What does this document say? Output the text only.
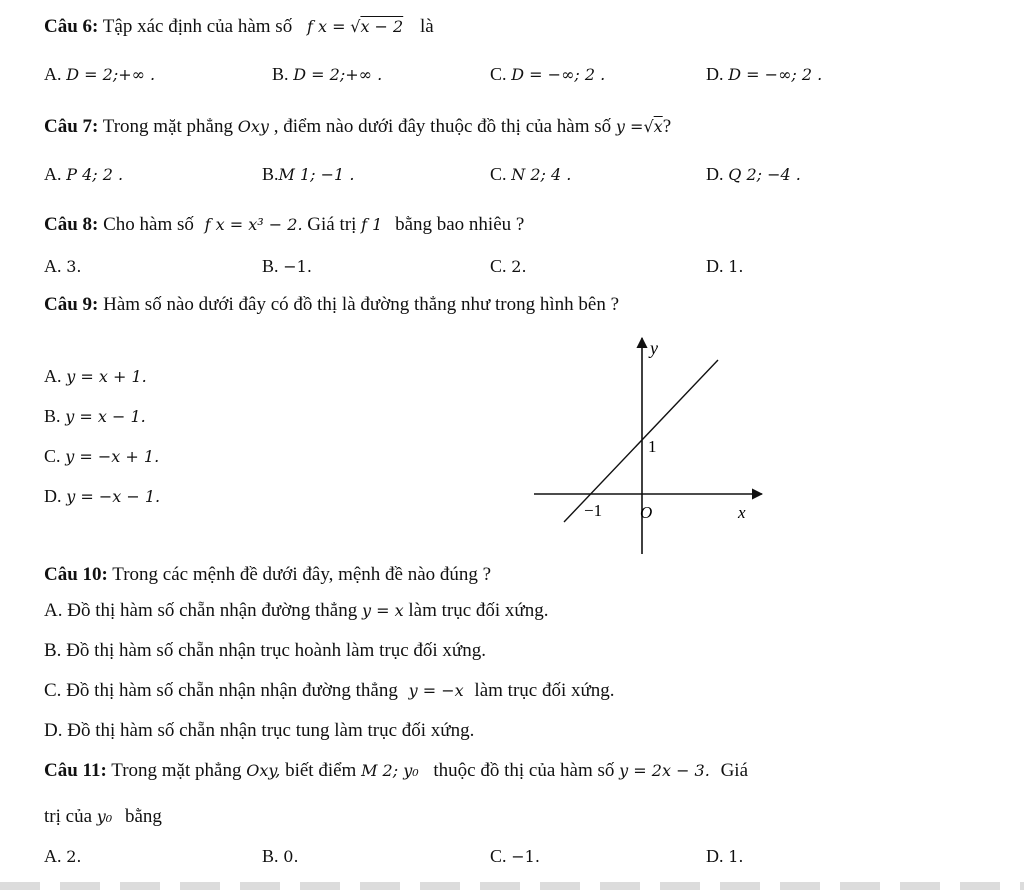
Câu 6: Tập xác định của hàm số f x = √x − 2 là
A. D = 2;+∞ .	B. D = 2;+∞ .	C. D = −∞; 2 .	D. D = −∞; 2 .
Câu 7: Trong mặt phẳng Oxy , điểm nào dưới đây thuộc đồ thị của hàm số y =√x?
A. P 4; 2 .	B.M 1; −1 .	C. N 2; 4 .	D. Q 2; −4 .
Câu 8: Cho hàm số f x = x³ − 2. Giá trị f 1 bằng bao nhiêu ?
A. 3.	B. −1.	C. 2.	D. 1.
Câu 9: Hàm số nào dưới đây có đồ thị là đường thẳng như trong hình bên ?
A. y = x + 1.
B. y = x − 1.
C. y = −x + 1.
D. y = −x − 1.
y
x
O
1
−1
Câu 10: Trong các mệnh đề dưới đây, mệnh đề nào đúng ?
A. Đồ thị hàm số chẵn nhận đường thẳng y = x làm trục đối xứng.
B. Đồ thị hàm số chẵn nhận trục hoành làm trục đối xứng.
C. Đồ thị hàm số chẵn nhận nhận đường thẳng y = −x làm trục đối xứng.
D. Đồ thị hàm số chẵn nhận trục tung làm trục đối xứng.
Câu 11: Trong mặt phẳng Oxy, biết điểm M 2; y₀ thuộc đồ thị của hàm số y = 2x − 3. Giá
trị của y₀ bằng
A. 2.	B. 0.	C. −1.	D. 1.
